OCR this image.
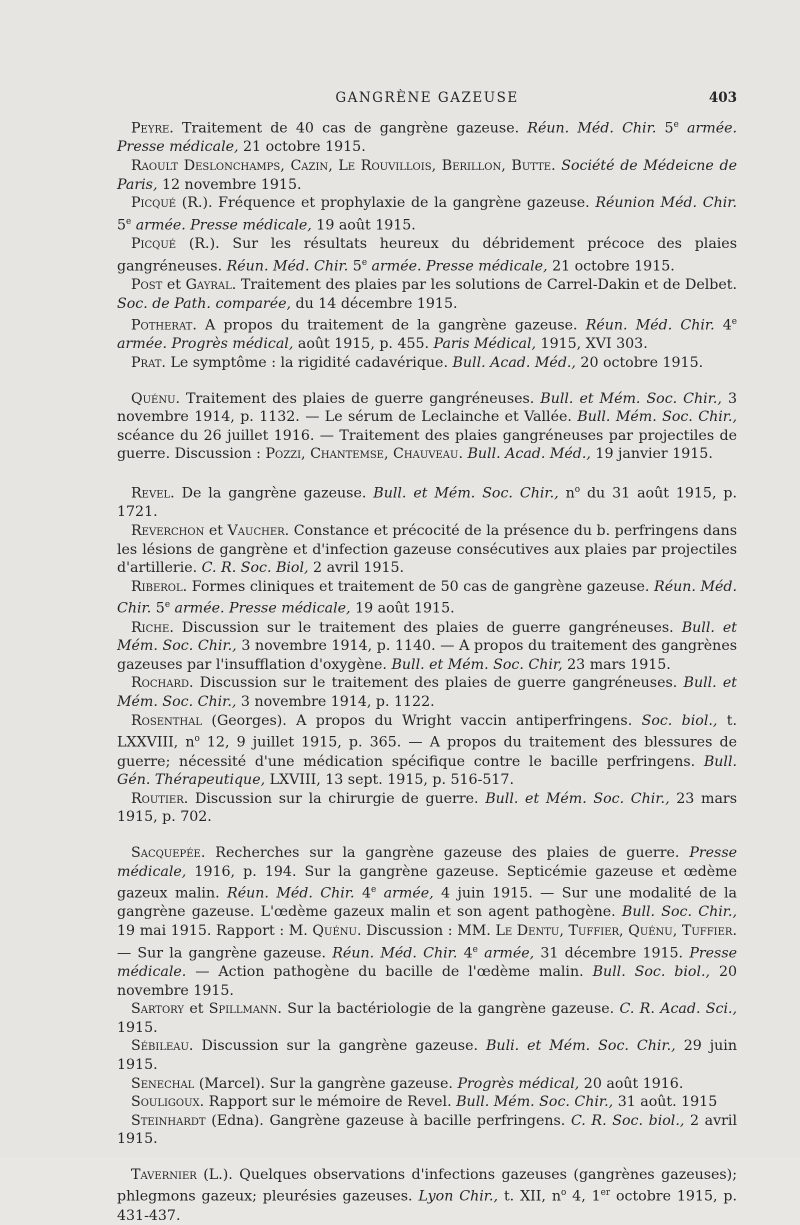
GANGRÈNE GAZEUSE	403

Peyre. Traitement de 40 cas de gangrène gazeuse. Réun. Méd. Chir. 5e armée. Presse médicale, 21 octobre 1915.

Raoult Deslonchamps, Cazin, Le Rouvillois, Berillon, Butte. Société de Médeicne de Paris, 12 novembre 1915.

Picqué (R.). Fréquence et prophylaxie de la gangrène gazeuse. Réunion Méd. Chir. 5e armée. Presse médicale, 19 août 1915.

Picqué (R.). Sur les résultats heureux du débridement précoce des plaies gangréneuses. Réun. Méd. Chir. 5e armée. Presse médicale, 21 octobre 1915.

Post et Gayral. Traitement des plaies par les solutions de Carrel-Dakin et de Delbet. Soc. de Path. comparée, du 14 décembre 1915.

Potherat. A propos du traitement de la gangrène gazeuse. Réun. Méd. Chir. 4e armée. Progrès médical, août 1915, p. 455. Paris Médical, 1915, XVI 303.

Prat. Le symptôme : la rigidité cadavérique. Bull. Acad. Méd., 20 octobre 1915.

Quénu. Traitement des plaies de guerre gangréneuses. Bull. et Mém. Soc. Chir., 3 novembre 1914, p. 1132. — Le sérum de Leclainche et Vallée. Bull. Mém. Soc. Chir., scéance du 26 juillet 1916. — Traitement des plaies gangréneuses par projectiles de guerre. Discussion : Pozzi, Chantemse, Chauveau. Bull. Acad. Méd., 19 janvier 1915.

Revel. De la gangrène gazeuse. Bull. et Mém. Soc. Chir., $n^o$ du 31 août 1915, p. 1721.

Reverchon et Vaucher. Constance et précocité de la présence du b. perfringens dans les lésions de gangrène et d'infection gazeuse consécutives aux plaies par projectiles d'artillerie. C. R. Soc. Biol, 2 avril 1915.

Riberol. Formes cliniques et traitement de 50 cas de gangrène gazeuse. Réun. Méd. Chir. 5e armée. Presse médicale, 19 août 1915.

Riche. Discussion sur le traitement des plaies de guerre gangréneuses. Bull. et Mém. Soc. Chir., 3 novembre 1914, p. 1140. — A propos du traitement des gangrènes gazeuses par l'insufflation d'oxygène. Bull. et Mém. Soc. Chir, 23 mars 1915.

Rochard. Discussion sur le traitement des plaies de guerre gangréneuses. Bull. et Mém. Soc. Chir., 3 novembre 1914, p. 1122.

Rosenthal (Georges). A propos du Wright vaccin antiperfringens. Soc. biol., t. LXXVIII, $n^o$ 12, 9 juillet 1915, p. 365. — A propos du traitement des blessures de guerre; nécessité d'une médication spécifique contre le bacille perfringens. Bull. Gén. Thérapeutique, LXVIII, 13 sept. 1915, p. 516-517.

Routier. Discussion sur la chirurgie de guerre. Bull. et Mém. Soc. Chir., 23 mars 1915, p. 702.

Sacquepée. Recherches sur la gangrène gazeuse des plaies de guerre. Presse médicale, 1916, p. 194. Sur la gangrène gazeuse. Septicémie gazeuse et œdème gazeux malin. Réun. Méd. Chir. 4e armée, 4 juin 1915. — Sur une modalité de la gangrène gazeuse. L'œdème gazeux malin et son agent pathogène. Bull. Soc. Chir., 19 mai 1915. Rapport : M. Quénu. Discussion : MM. Le Dentu, Tuffier, Quénu, Tuffier. — Sur la gangrène gazeuse. Réun. Méd. Chir. 4e armée, 31 décembre 1915. Presse médicale. — Action pathogène du bacille de l'œdème malin. Bull. Soc. biol., 20 novembre 1915.

Sartory et Spillmann. Sur la bactériologie de la gangrène gazeuse. C. R. Acad. Sci., 1915.

Sébileau. Discussion sur la gangrène gazeuse. Buli. et Mém. Soc. Chir., 29 juin 1915.

Senechal (Marcel). Sur la gangrène gazeuse. Progrès médical, 20 août 1916.

Souligoux. Rapport sur le mémoire de Revel. Bull. Mém. Soc. Chir., 31 août. 1915

Steinhardt (Edna). Gangrène gazeuse à bacille perfringens. C. R. Soc. biol., 2 avril 1915.

Tavernier (L.). Quelques observations d'infections gazeuses (gangrènes gazeuses); phlegmons gazeux; pleurésies gazeuses. Lyon Chir., t. XII, $n^o$ 4, 1er octobre 1915, p. 431-437.
